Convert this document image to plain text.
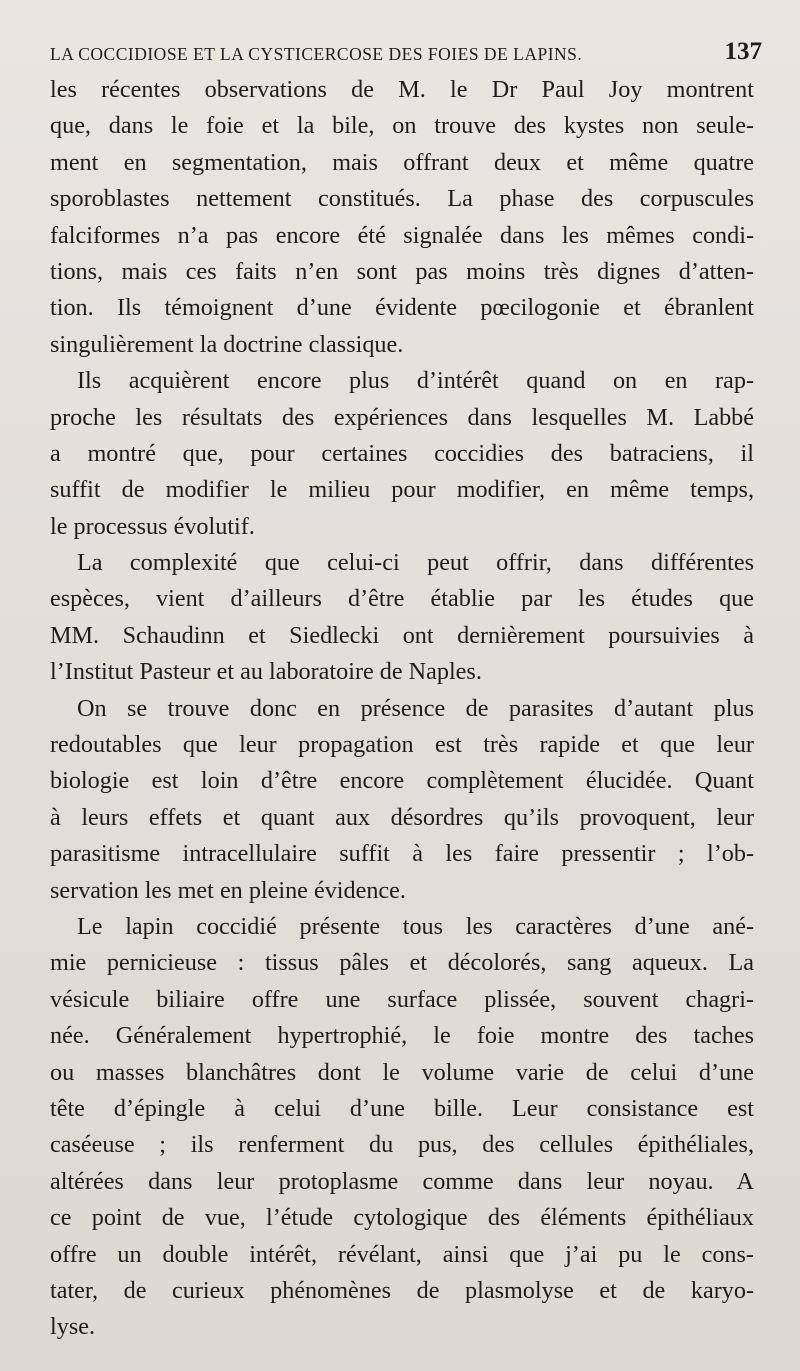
LA COCCIDIOSE ET LA CYSTICERCOSE DES FOIES DE LAPINS.	137
les récentes observations de M. le Dr Paul Joy montrent
que, dans le foie et la bile, on trouve des kystes non seule-
ment en segmentation, mais offrant deux et même quatre
sporoblastes nettement constitués. La phase des corpuscules
falciformes n’a pas encore été signalée dans les mêmes condi-
tions, mais ces faits n’en sont pas moins très dignes d’atten-
tion. Ils témoignent d’une évidente pœcilogonie et ébranlent
singulièrement la doctrine classique.
Ils acquièrent encore plus d’intérêt quand on en rap-
proche les résultats des expériences dans lesquelles M. Labbé
a montré que, pour certaines coccidies des batraciens, il
suffit de modifier le milieu pour modifier, en même temps,
le processus évolutif.
La complexité que celui-ci peut offrir, dans différentes
espèces, vient d’ailleurs d’être établie par les études que
MM. Schaudinn et Siedlecki ont dernièrement poursuivies à
l’Institut Pasteur et au laboratoire de Naples.
On se trouve donc en présence de parasites d’autant plus
redoutables que leur propagation est très rapide et que leur
biologie est loin d’être encore complètement élucidée. Quant
à leurs effets et quant aux désordres qu’ils provoquent, leur
parasitisme intracellulaire suffit à les faire pressentir ; l’ob-
servation les met en pleine évidence.
Le lapin coccidié présente tous les caractères d’une ané-
mie pernicieuse : tissus pâles et décolorés, sang aqueux. La
vésicule biliaire offre une surface plissée, souvent chagri-
née. Généralement hypertrophié, le foie montre des taches
ou masses blanchâtres dont le volume varie de celui d’une
tête d’épingle à celui d’une bille. Leur consistance est
caséeuse ; ils renferment du pus, des cellules épithéliales,
altérées dans leur protoplasme comme dans leur noyau. A
ce point de vue, l’étude cytologique des éléments épithéliaux
offre un double intérêt, révélant, ainsi que j’ai pu le cons-
tater, de curieux phénomènes de plasmolyse et de karyo-
lyse.
